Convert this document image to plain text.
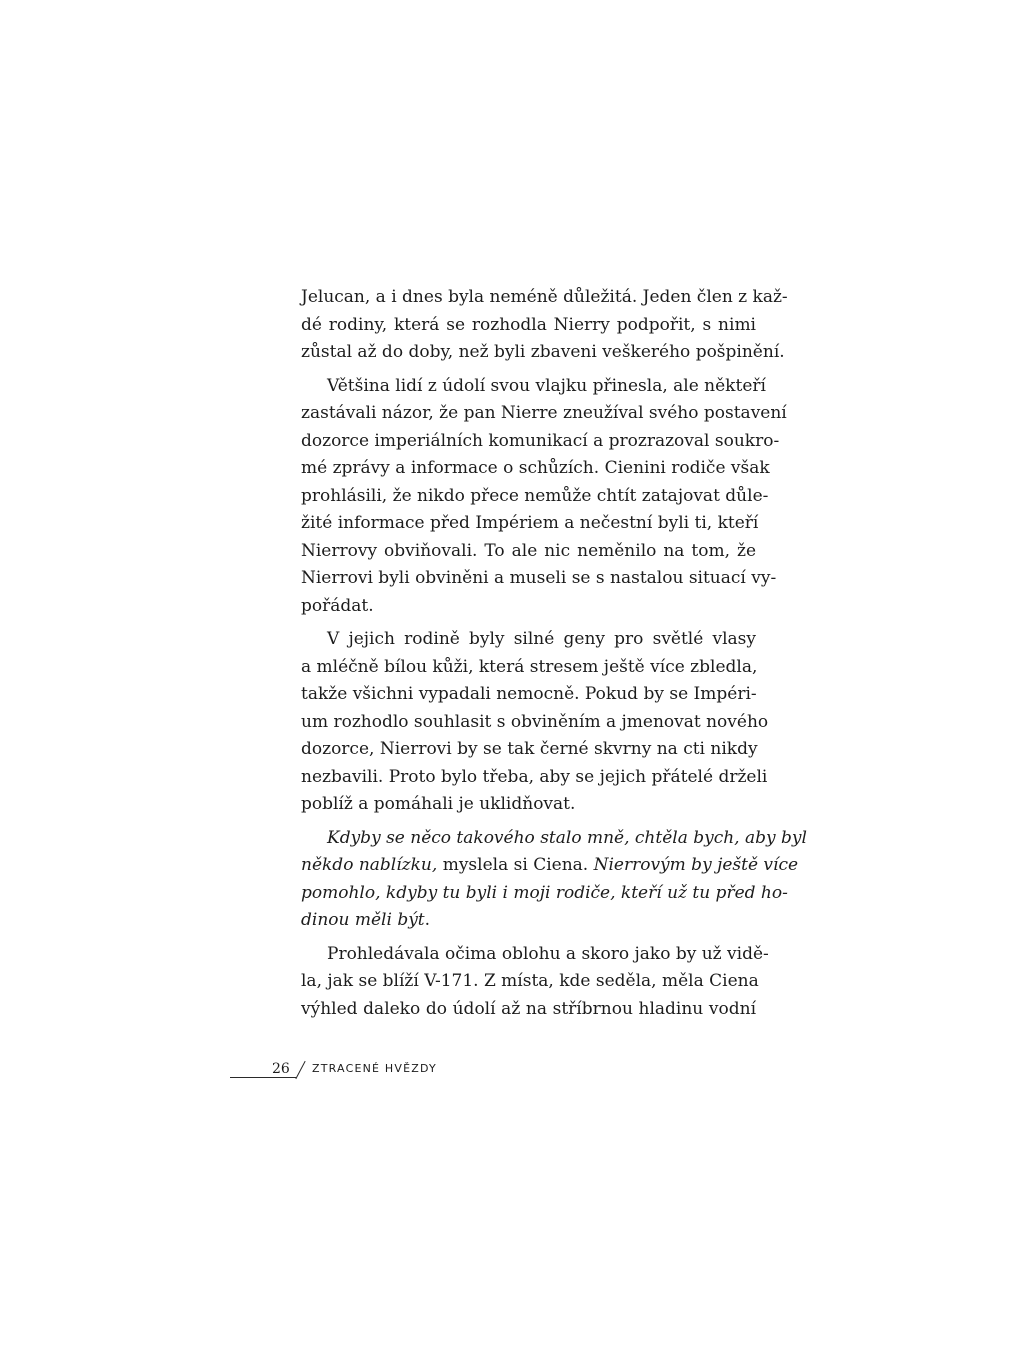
Jelucan, a i dnes byla neméně důležitá. Jeden člen z kaž-
dé rodiny, která se rozhodla Nierry podpořit, s nimi
zůstal až do doby, než byli zbaveni veškerého pošpinění.
Většina lidí z údolí svou vlajku přinesla, ale někteří
zastávali názor, že pan Nierre zneužíval svého postavení
dozorce imperiálních komunikací a prozrazoval soukro-
mé zprávy a informace o schůzích. Cienini rodiče však
prohlásili, že nikdo přece nemůže chtít zatajovat důle-
žité informace před Impériem a nečestní byli ti, kteří
Nierrovy obviňovali. To ale nic neměnilo na tom, že
Nierrovi byli obviněni a museli se s nastalou situací vy-
pořádat.
V jejich rodině byly silné geny pro světlé vlasy
a mléčně bílou kůži, která stresem ještě více zbledla,
takže všichni vypadali nemocně. Pokud by se Impéri-
um rozhodlo souhlasit s obviněním a jmenovat nového
dozorce, Nierrovi by se tak černé skvrny na cti nikdy
nezbavili. Proto bylo třeba, aby se jejich přátelé drželi
poblíž a pomáhali je uklidňovat.
Kdyby se něco takového stalo mně, chtěla bych, aby byl
někdo nablízku, myslela si Ciena. Nierrovým by ještě více
pomohlo, kdyby tu byli i moji rodiče, kteří už tu před ho-
dinou měli být.
Prohledávala očima oblohu a skoro jako by už vidě-
la, jak se blíží V-171. Z místa, kde seděla, měla Ciena
výhled daleko do údolí až na stříbrnou hladinu vodní
26 ZTRACENÉ HVĚZDY
